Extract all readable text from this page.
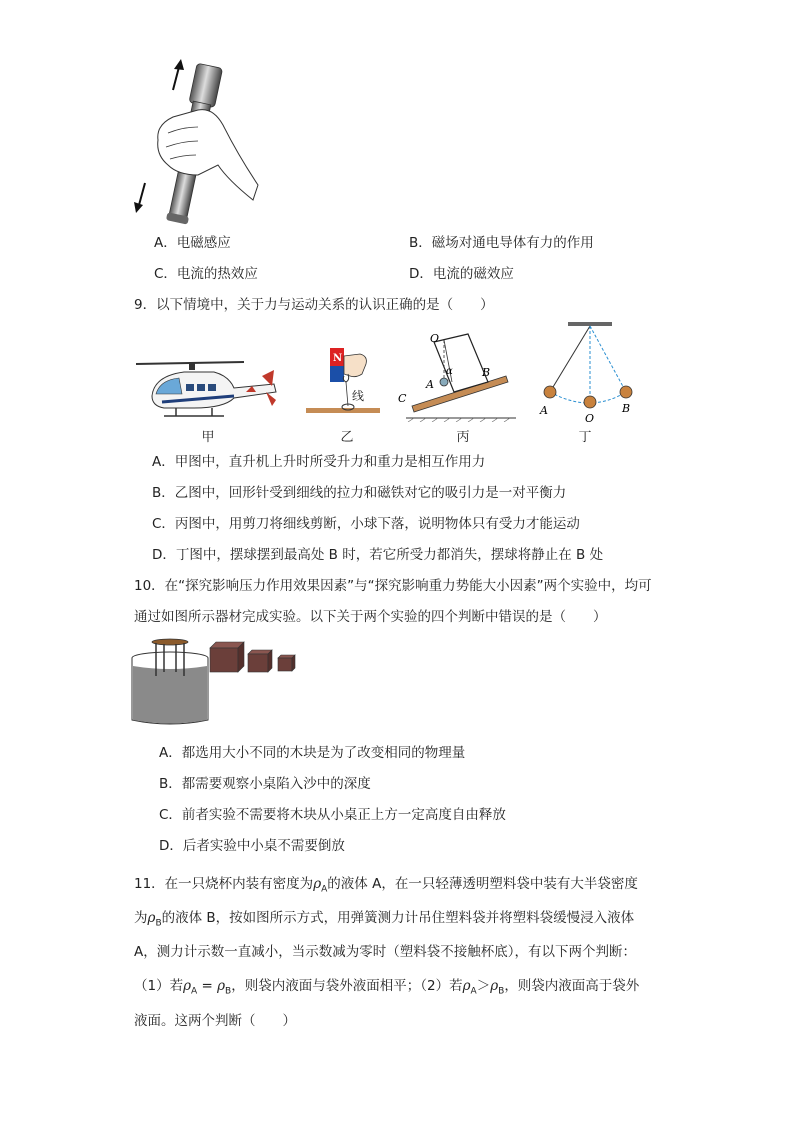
A．电磁感应	B．磁场对通电导体有力的作用
C．电流的热效应	D．电流的磁效应
9．以下情境中，关于力与运动关系的认识正确的是（　　）
甲
N
线
乙
O
A
α	B
C
丙
A
O
B
丁
A．甲图中，直升机上升时所受升力和重力是相互作用力
B．乙图中，回形针受到细线的拉力和磁铁对它的吸引力是一对平衡力
C．丙图中，用剪刀将细线剪断，小球下落，说明物体只有受力才能运动
D．丁图中，摆球摆到最高处 B 时，若它所受力都消失，摆球将静止在 B 处
10．在“探究影响压力作用效果因素”与“探究影响重力势能大小因素”两个实验中，均可
通过如图所示器材完成实验。以下关于两个实验的四个判断中错误的是（　　）
A．都选用大小不同的木块是为了改变相同的物理量
B．都需要观察小桌陷入沙中的深度
C．前者实验不需要将木块从小桌正上方一定高度自由释放
D．后者实验中小桌不需要倒放
11．在一只烧杯内装有密度为$\rho_A$的液体 A，在一只轻薄透明塑料袋中装有大半袋密度
为$\rho_B$的液体 B，按如图所示方式，用弹簧测力计吊住塑料袋并将塑料袋缓慢浸入液体
A，测力计示数一直减小，当示数减为零时（塑料袋不接触杯底），有以下两个判断：
（1）若$\rho_A = \rho_B$，则袋内液面与袋外液面相平；（2）若$\rho_A>\rho_B$，则袋内液面高于袋外
液面。这两个判断（　　）
